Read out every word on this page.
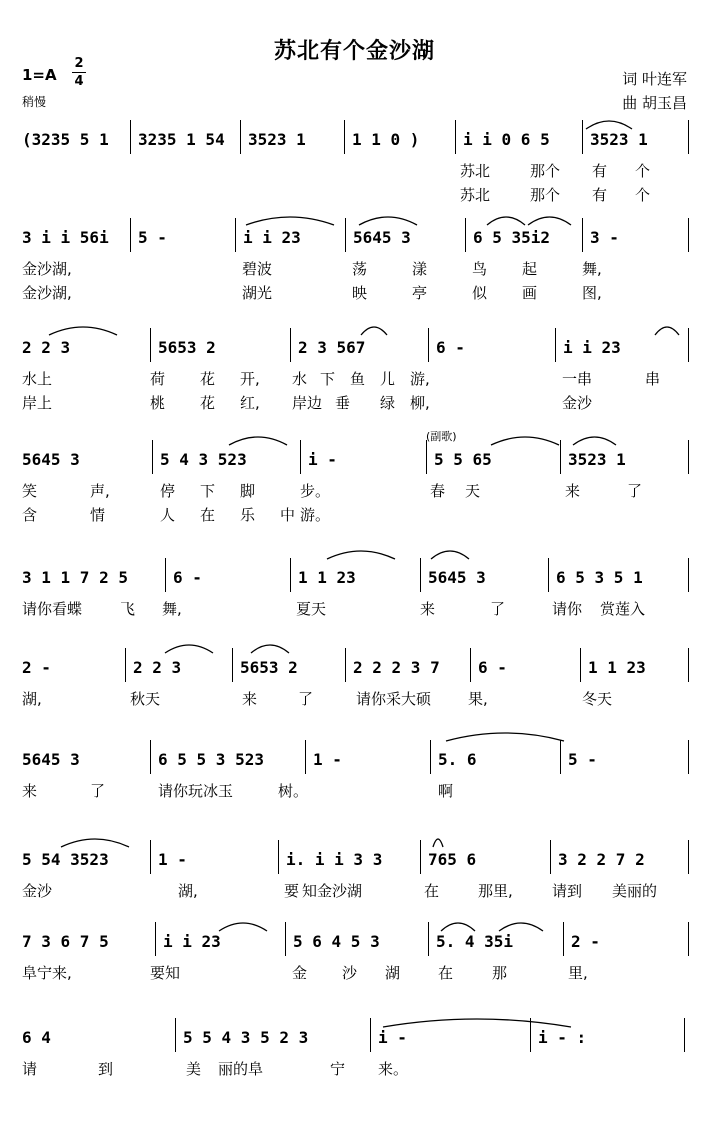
苏北有个金沙湖
1=A
2
4
稍慢
词 叶连军
曲 胡玉昌
(副歌)
(3235 5 1 3235 1 54 3523 1	1 1 0 )	i i 0 6 5	3523 1
苏北	那个 有 个
苏北	那个 有 个
3 i i 56i 5 -	i i 23	5645 3	6 5 35i2 3 -
金沙湖,	碧波	荡	漾	鸟 起	舞,
金沙湖,	湖光	映	亭	似 画	图,
2 2 3	5653 2	2 3 567	6 -	i i 23
水上	荷 花 开, 水 下 鱼 儿 游,	一串	串
岸上	桃 花 红, 岸边 垂 绿 柳,	金沙
5645 3	5 4 3 523	i -	5 5 65	3523 1
笑	声,	停 下 脚	步。	春 天	来	了
含	情	人 在 乐 中 游。
3 1 1 7 2 5	6 -	1 1 23	5645 3	6 5 3 5 1
请你看蝶	飞 舞,	夏天	来	了	请你 赏莲入
2 -	2 2 3	5653 2	2 2 2 3 7 6 -	1 1 23
湖,	秋天	来	了	请你采大硕 果,	冬天
5645 3	6 5 5 3 523	1 -	5. 6	5 -
来	了	请你玩冰玉	树。	啊
5 54 3523	1 -	i. i i 3 3	765 6	3 2 2 7 2
金沙	湖,	要 知金沙湖	在	那里,	请到 美丽的
7 3 6 7 5	i i 23	5 6 4 5 3	5. 4 35i	2 -
阜宁来,	要知	金 沙 湖	在	那	里,
6 4	5 5 4 3 5 2 3	i -	i - :
请	到	美 丽的阜	宁 来。
